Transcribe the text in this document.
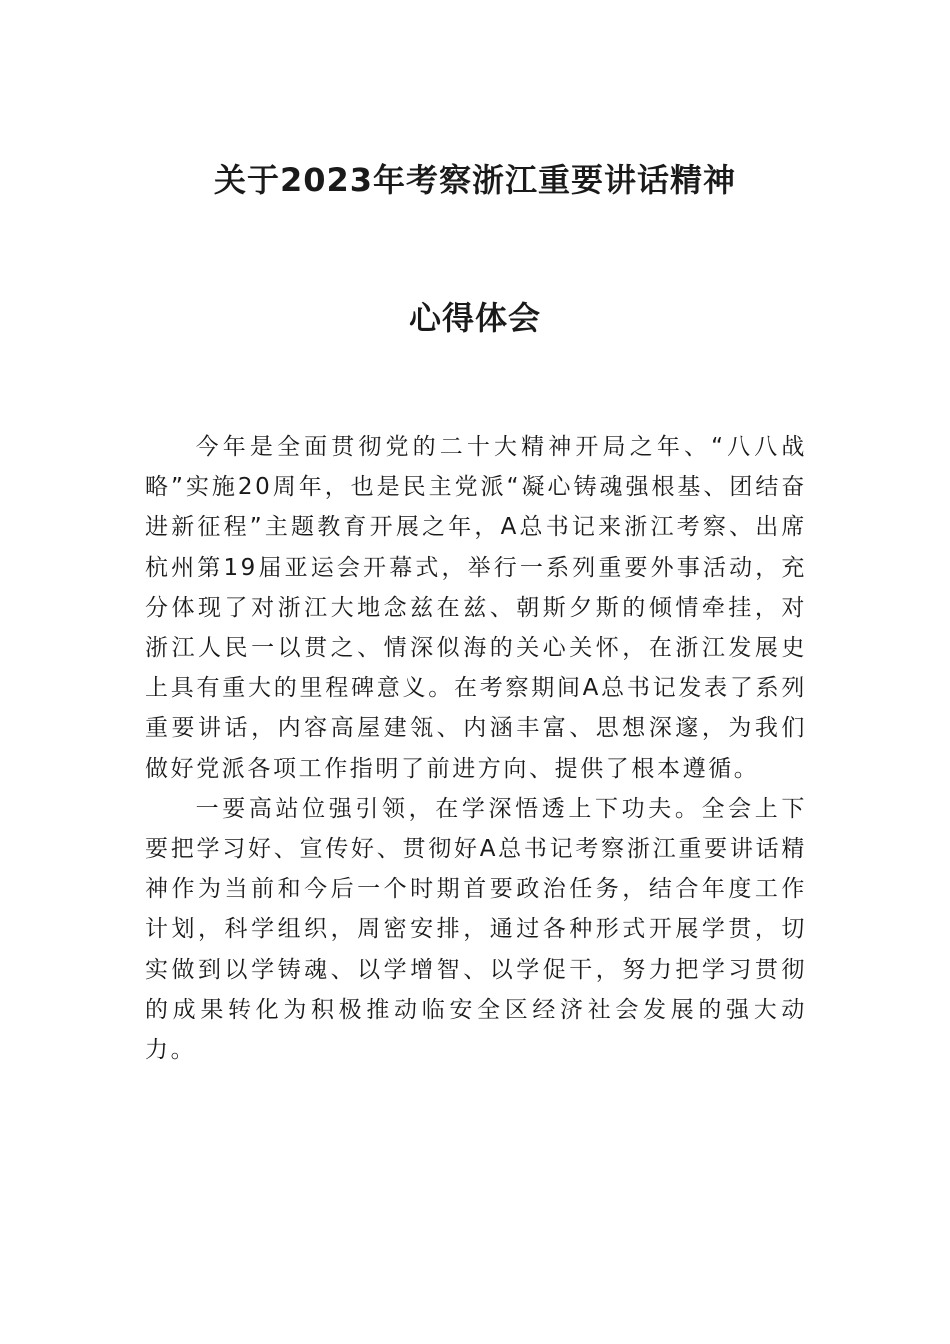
关于2023年考察浙江重要讲话精神
心得体会

今年是全面贯彻党的二十大精神开局之年、“八八战略”实施20周年，也是民主党派“凝心铸魂强根基、团结奋进新征程”主题教育开展之年，A总书记来浙江考察、出席杭州第19届亚运会开幕式，举行一系列重要外事活动，充分体现了对浙江大地念兹在兹、朝斯夕斯的倾情牵挂，对浙江人民一以贯之、情深似海的关心关怀，在浙江发展史上具有重大的里程碑意义。在考察期间A总书记发表了系列重要讲话，内容高屋建瓴、内涵丰富、思想深邃，为我们做好党派各项工作指明了前进方向、提供了根本遵循。

一要高站位强引领，在学深悟透上下功夫。全会上下要把学习好、宣传好、贯彻好A总书记考察浙江重要讲话精神作为当前和今后一个时期首要政治任务，结合年度工作计划，科学组织，周密安排，通过各种形式开展学贯，切实做到以学铸魂、以学增智、以学促干，努力把学习贯彻的成果转化为积极推动临安全区经济社会发展的强大动力。
